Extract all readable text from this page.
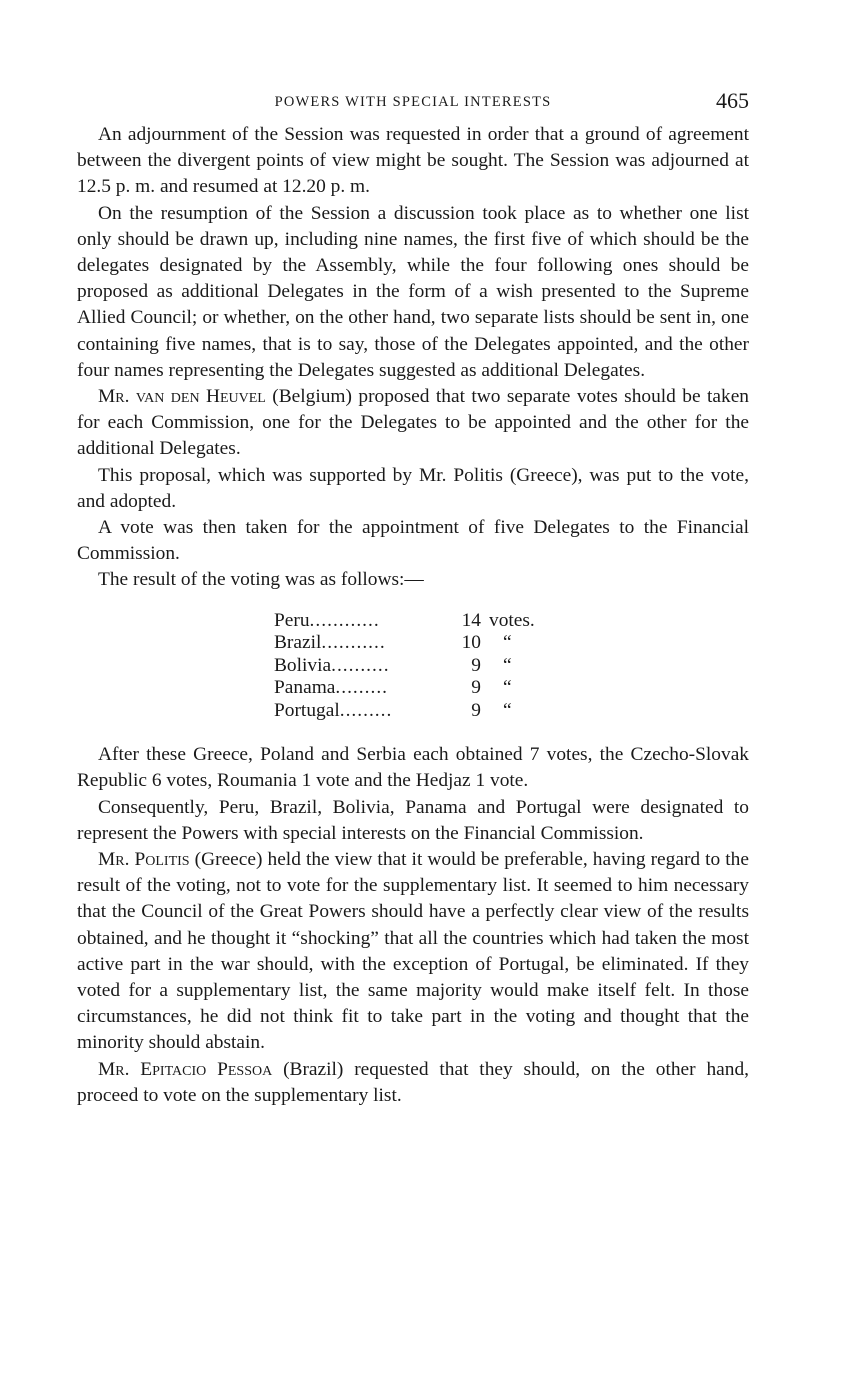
POWERS WITH SPECIAL INTERESTS	465

An adjournment of the Session was requested in order that a ground of agreement between the divergent points of view might be sought. The Session was adjourned at 12.5 p. m. and resumed at 12.20 p. m.

On the resumption of the Session a discussion took place as to whether one list only should be drawn up, including nine names, the first five of which should be the delegates designated by the Assembly, while the four following ones should be proposed as additional Delegates in the form of a wish presented to the Supreme Allied Council; or whether, on the other hand, two separate lists should be sent in, one containing five names, that is to say, those of the Delegates appointed, and the other four names representing the Delegates suggested as additional Delegates.

Mr. van den Heuvel (Belgium) proposed that two separate votes should be taken for each Commission, one for the Delegates to be appointed and the other for the additional Delegates.

This proposal, which was supported by Mr. Politis (Greece), was put to the vote, and adopted.

A vote was then taken for the appointment of five Delegates to the Financial Commission.

The result of the voting was as follows:—

Peru............	14	votes.
Brazil...........	10	“
Bolivia..........	9	“
Panama.........	9	“
Portugal.........	9	“

After these Greece, Poland and Serbia each obtained 7 votes, the Czecho-Slovak Republic 6 votes, Roumania 1 vote and the Hedjaz 1 vote.

Consequently, Peru, Brazil, Bolivia, Panama and Portugal were designated to represent the Powers with special interests on the Financial Commission.

Mr. Politis (Greece) held the view that it would be preferable, having regard to the result of the voting, not to vote for the supplementary list. It seemed to him necessary that the Council of the Great Powers should have a perfectly clear view of the results obtained, and he thought it “shocking” that all the countries which had taken the most active part in the war should, with the exception of Portugal, be eliminated. If they voted for a supplementary list, the same majority would make itself felt. In those circumstances, he did not think fit to take part in the voting and thought that the minority should abstain.

Mr. Epitacio Pessoa (Brazil) requested that they should, on the other hand, proceed to vote on the supplementary list.
